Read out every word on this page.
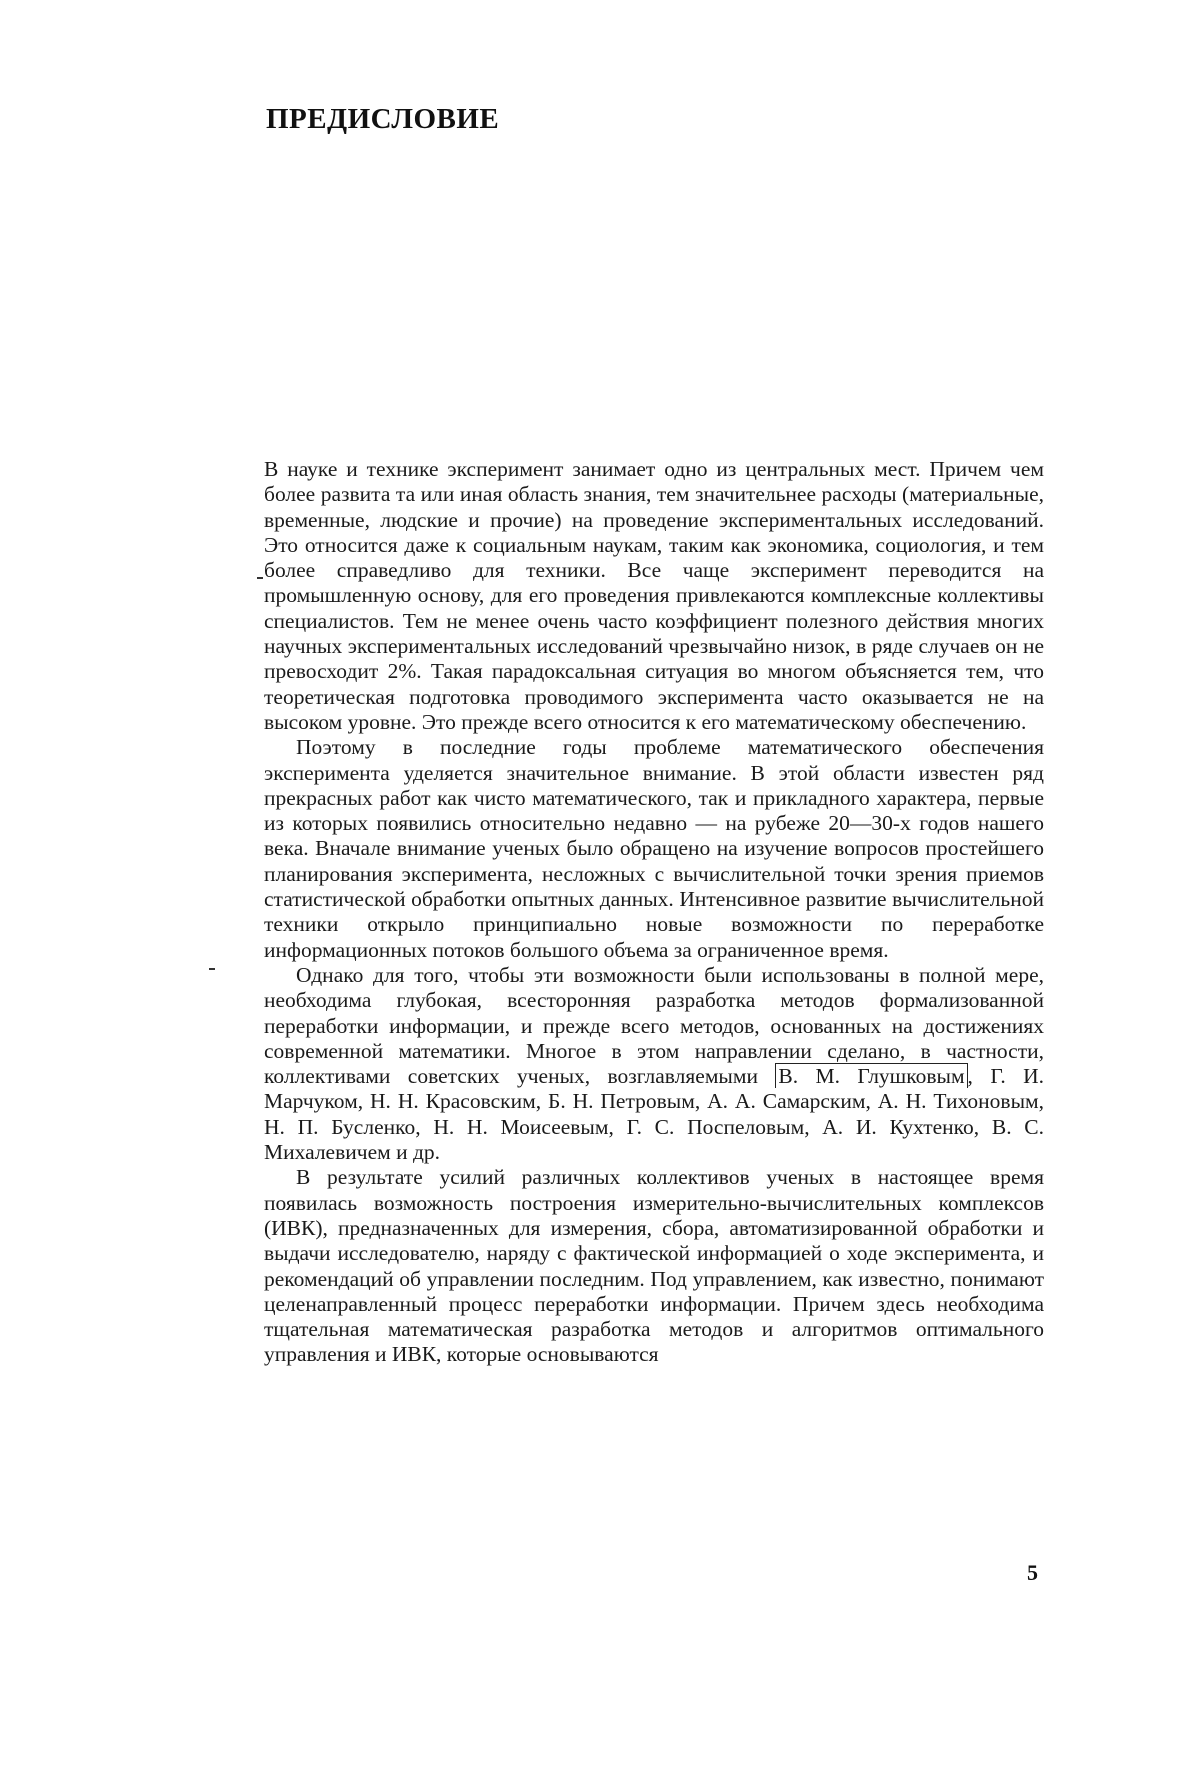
ПРЕДИСЛОВИЕ

В науке и технике эксперимент занимает одно из центральных мест. Причем чем более развита та или иная область знания, тем значительнее расходы (материальные, временные, людские и прочие) на проведение экспериментальных исследований. Это относится даже к социальным наукам, таким как экономика, социология, и тем более справедливо для техники. Все чаще эксперимент переводится на промышленную основу, для его проведения привлекаются комплексные коллективы специалистов. Тем не менее очень часто коэффициент полезного действия многих научных экспериментальных исследований чрезвычайно низок, в ряде случаев он не превосходит 2%. Такая парадоксальная ситуация во многом объясняется тем, что теоретическая подготовка проводимого эксперимента часто оказывается не на высоком уровне. Это прежде всего относится к его математическому обеспечению.

Поэтому в последние годы проблеме математического обеспечения эксперимента уделяется значительное внимание. В этой области известен ряд прекрасных работ как чисто математического, так и прикладного характера, первые из которых появились относительно недавно — на рубеже 20—30-х годов нашего века. Вначале внимание ученых было обращено на изучение вопросов простейшего планирования эксперимента, несложных с вычислительной точки зрения приемов статистической обработки опытных данных. Интенсивное развитие вычислительной техники открыло принципиально новые возможности по переработке информационных потоков большого объема за ограниченное время.

Однако для того, чтобы эти возможности были использованы в полной мере, необходима глубокая, всесторонняя разработка методов формализованной переработки информации, и прежде всего методов, основанных на достижениях современной математики. Многое в этом направлении сделано, в частности, коллективами советских ученых, возглавляемыми В. М. Глушковым , Г. И. Марчуком, Н. Н. Красовским, Б. Н. Петровым, А. А. Самарским, А. Н. Тихоновым, Н. П. Бусленко, Н. Н. Моисеевым, Г. С. Поспеловым, А. И. Кухтенко, В. С. Михалевичем и др.

В результате усилий различных коллективов ученых в настоящее время появилась возможность построения измерительно-вычислительных комплексов (ИВК), предназначенных для измерения, сбора, автоматизированной обработки и выдачи исследователю, наряду с фактической информацией о ходе эксперимента, и рекомендаций об управлении последним. Под управлением, как известно, понимают целенаправленный процесс переработки информации. Причем здесь необходима тщательная математическая разработка методов и алгоритмов оптимального управления и ИВК, которые основываются

5
